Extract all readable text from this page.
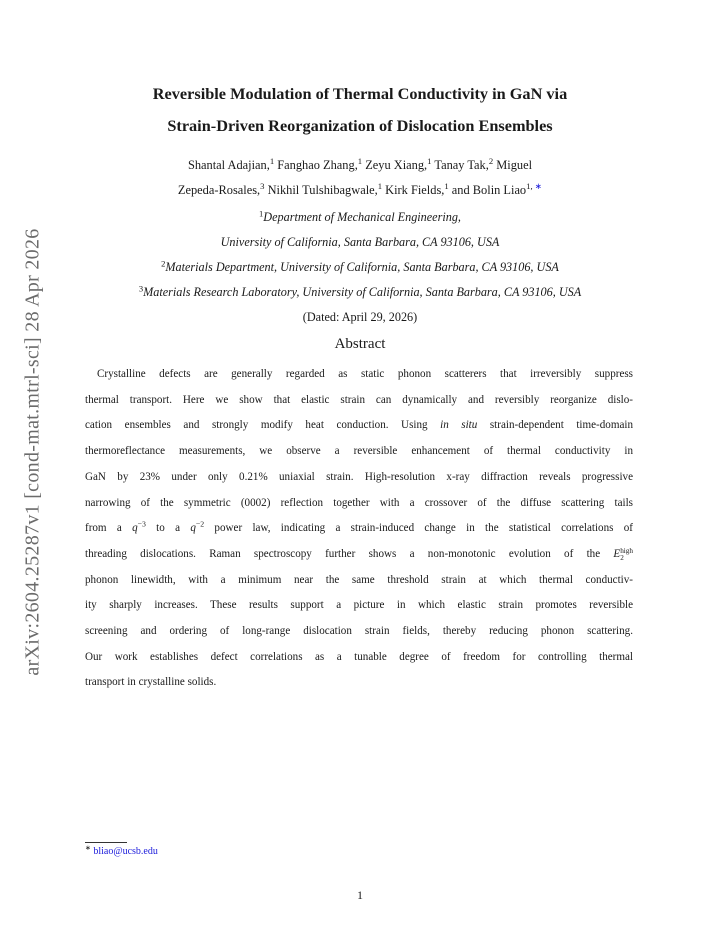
arXiv:2604.25287v1 [cond-mat.mtrl-sci] 28 Apr 2026
Reversible Modulation of Thermal Conductivity in GaN via
Strain-Driven Reorganization of Dislocation Ensembles
Shantal Adajian,$^1$ Fanghao Zhang,$^1$ Zeyu Xiang,$^1$ Tanay Tak,$^2$ Miguel
Zepeda-Rosales,$^3$ Nikhil Tulshibagwale,$^1$ Kirk Fields,$^1$ and Bolin Liao$^{1, ∗}$
$^1$Department of Mechanical Engineering,
University of California, Santa Barbara, CA 93106, USA
$^2$Materials Department, University of California, Santa Barbara, CA 93106, USA
$^3$Materials Research Laboratory, University of California, Santa Barbara, CA 93106, USA
(Dated: April 29, 2026)
Abstract
Crystalline defects are generally regarded as static phonon scatterers that irreversibly suppress
thermal transport. Here we show that elastic strain can dynamically and reversibly reorganize dislo-
cation ensembles and strongly modify heat conduction. Using in situ strain-dependent time-domain
thermoreflectance measurements, we observe a reversible enhancement of thermal conductivity in
GaN by 23% under only 0.21% uniaxial strain. High-resolution x-ray diffraction reveals progressive
narrowing of the symmetric (0002) reflection together with a crossover of the diffuse scattering tails
from a $q^{-3}$ to a $q^{-2}$ power law, indicating a strain-induced change in the statistical correlations of
threading dislocations. Raman spectroscopy further shows a non-monotonic evolution of the E high
2
phonon linewidth, with a minimum near the same threshold strain at which thermal conductiv-
ity sharply increases. These results support a picture in which elastic strain promotes reversible
screening and ordering of long-range dislocation strain fields, thereby reducing phonon scattering.
Our work establishes defect correlations as a tunable degree of freedom for controlling thermal
transport in crystalline solids.
∗ bliao@ucsb.edu
1
